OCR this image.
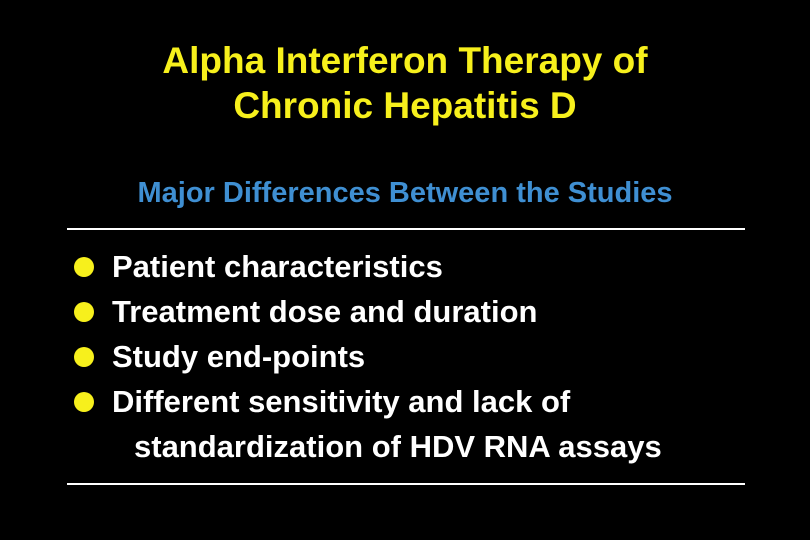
Alpha Interferon Therapy of
Chronic Hepatitis D
Major Differences Between the Studies
Patient characteristics
Treatment dose and duration
Study end-points
Different sensitivity and lack of
standardization of HDV RNA assays
